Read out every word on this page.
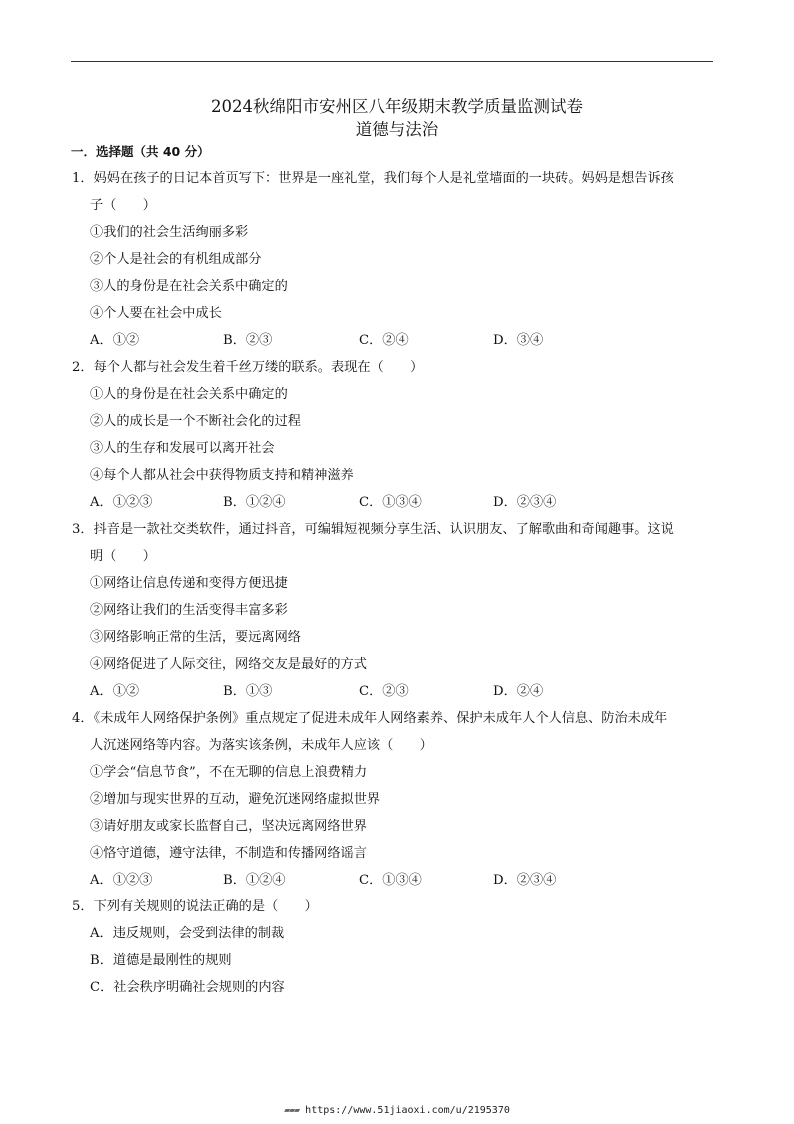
2024秋绵阳市安州区八年级期末教学质量监测试卷
道德与法治
一．选择题（共 40 分）
1．妈妈在孩子的日记本首页写下：世界是一座礼堂，我们每个人是礼堂墙面的一块砖。妈妈是想告诉孩
子（　　）
①我们的社会生活绚丽多彩
②个人是社会的有机组成部分
③人的身份是在社会关系中确定的
④个人要在社会中成长
A．①②	B．②③	C．②④	D．③④
2．每个人都与社会发生着千丝万缕的联系。表现在（　　）
①人的身份是在社会关系中确定的
②人的成长是一个不断社会化的过程
③人的生存和发展可以离开社会
④每个人都从社会中获得物质支持和精神滋养
A．①②③	B．①②④	C．①③④	D．②③④
3．抖音是一款社交类软件，通过抖音，可编辑短视频分享生活、认识朋友、了解歌曲和奇闻趣事。这说
明（　　）
①网络让信息传递和变得方便迅捷
②网络让我们的生活变得丰富多彩
③网络影响正常的生活，要远离网络
④网络促进了人际交往，网络交友是最好的方式
A．①②	B．①③	C．②③	D．②④
4．《未成年人网络保护条例》重点规定了促进未成年人网络素养、保护未成年人个人信息、防治未成年
人沉迷网络等内容。为落实该条例，未成年人应该（　　）
①学会“信息节食”，不在无聊的信息上浪费精力
②增加与现实世界的互动，避免沉迷网络虚拟世界
③请好朋友或家长监督自己，坚决远离网络世界
④恪守道德，遵守法律，不制造和传播网络谣言
A．①②③	B．①②④	C．①③④	D．②③④
5．下列有关规则的说法正确的是（　　）
A．违反规则，会受到法律的制裁
B．道德是最刚性的规则
C．社会秩序明确社会规则的内容
▰▰▰ https://www.51jiaoxi.com/u/2195370
